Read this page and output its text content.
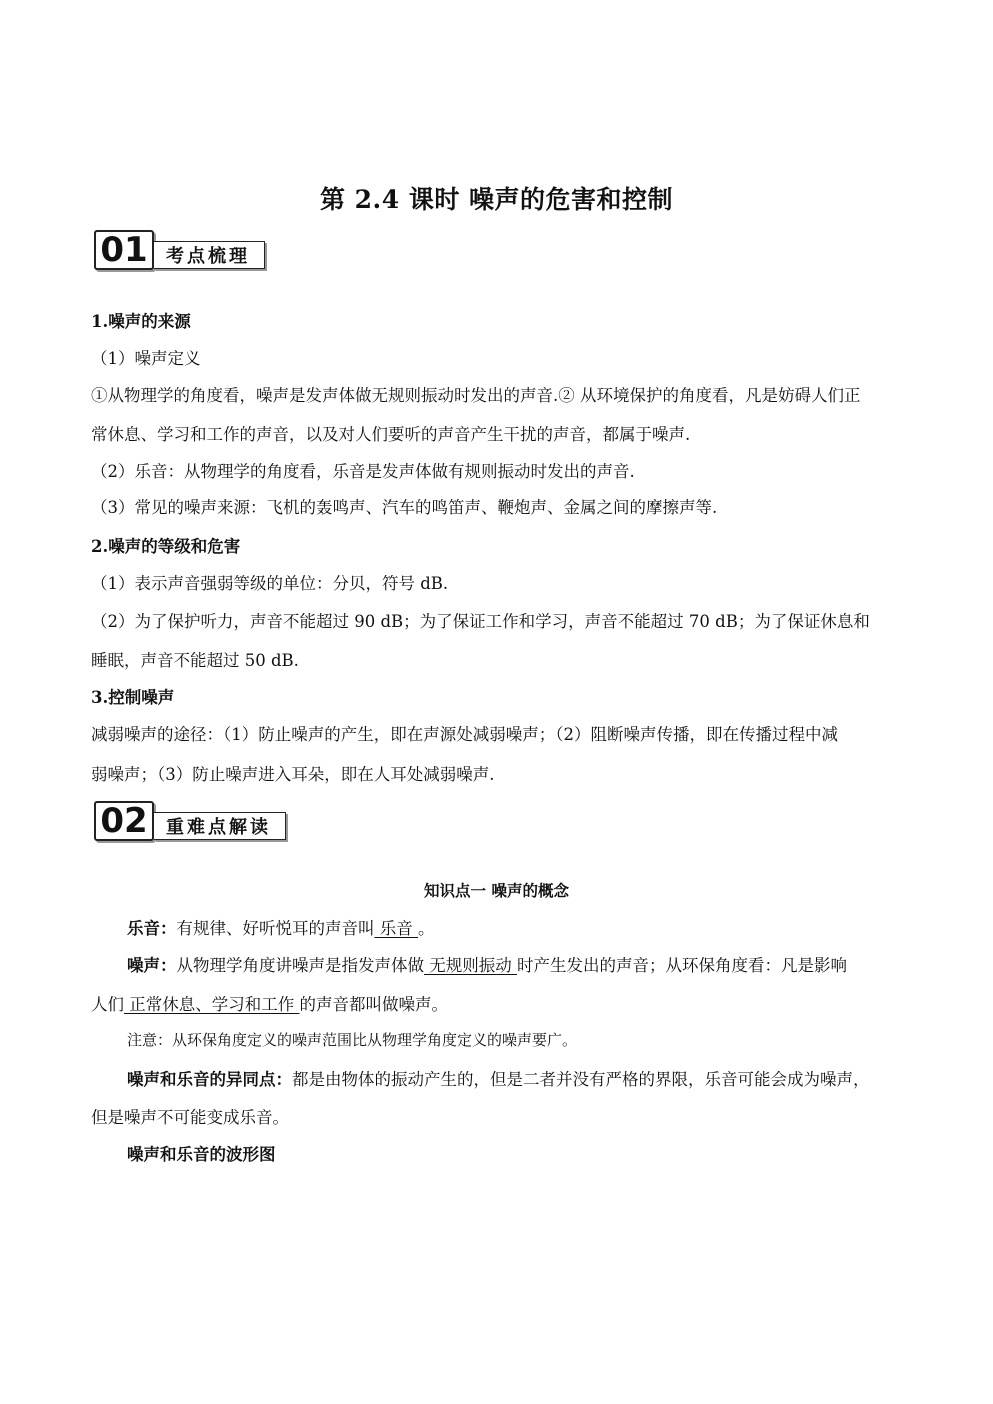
第 2.4 课时 噪声的危害和控制
01	考点梳理
1.噪声的来源
（1）噪声定义
①从物理学的角度看，噪声是发声体做无规则振动时发出的声音.② 从环境保护的角度看，凡是妨碍人们正
常休息、学习和工作的声音，以及对人们要听的声音产生干扰的声音，都属于噪声.
（2）乐音：从物理学的角度看，乐音是发声体做有规则振动时发出的声音.
（3）常见的噪声来源：飞机的轰鸣声、汽车的鸣笛声、鞭炮声、金属之间的摩擦声等.
2.噪声的等级和危害
（1）表示声音强弱等级的单位：分贝，符号 dB.
（2）为了保护听力，声音不能超过 90 dB；为了保证工作和学习，声音不能超过 70 dB；为了保证休息和
睡眠，声音不能超过 50 dB.
3.控制噪声
减弱噪声的途径：（1）防止噪声的产生，即在声源处减弱噪声；（2）阻断噪声传播，即在传播过程中减
弱噪声；（3）防止噪声进入耳朵，即在人耳处减弱噪声.
02	重难点解读
知识点一 噪声的概念
乐音：有规律、好听悦耳的声音叫 乐音 。
噪声：从物理学角度讲噪声是指发声体做 无规则振动 时产生发出的声音；从环保角度看：凡是影响
人们 正常休息、学习和工作 的声音都叫做噪声。
注意：从环保角度定义的噪声范围比从物理学角度定义的噪声要广。
噪声和乐音的异同点：都是由物体的振动产生的，但是二者并没有严格的界限，乐音可能会成为噪声，
但是噪声不可能变成乐音。
噪声和乐音的波形图
